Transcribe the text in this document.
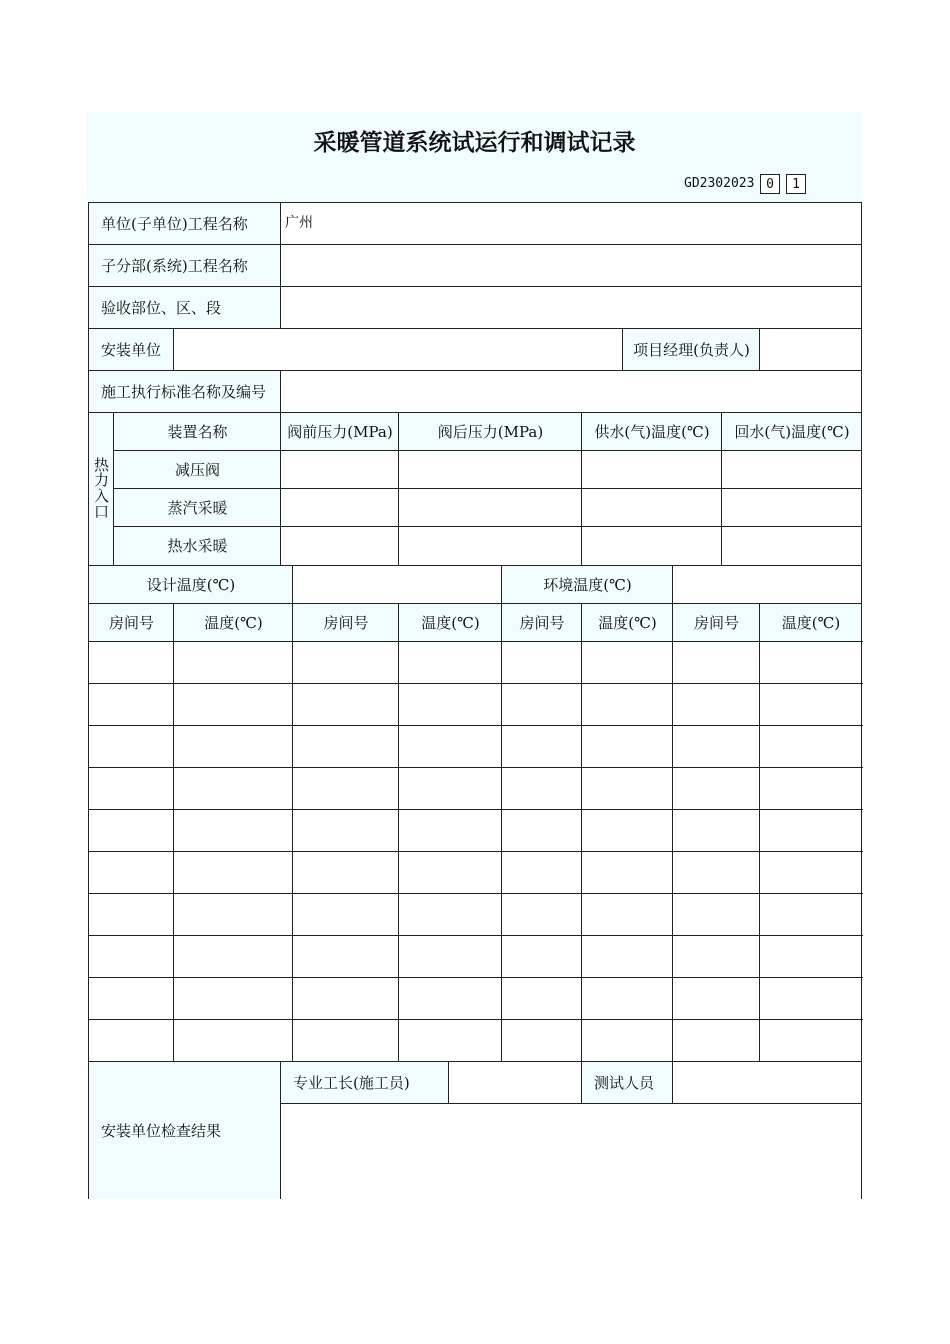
采暖管道系统试运行和调试记录
GD2302023 0	1
单位(子单位)工程名称	广州
子分部(系统)工程名称
验收部位、区、段
安装单位	项目经理(负责人)
施工执行标准名称及编号
热
力
入
口
装置名称	阀前压力(MPa)	阀后压力(MPa)	供水(气)温度(℃)	回水(气)温度(℃)
减压阀
蒸汽采暖
热水采暖
设计温度(℃)	环境温度(℃)
房间号	温度(℃)	房间号	温度(℃)	房间号	温度(℃)	房间号	温度(℃)
安装单位检查结果
专业工长(施工员)	测试人员
